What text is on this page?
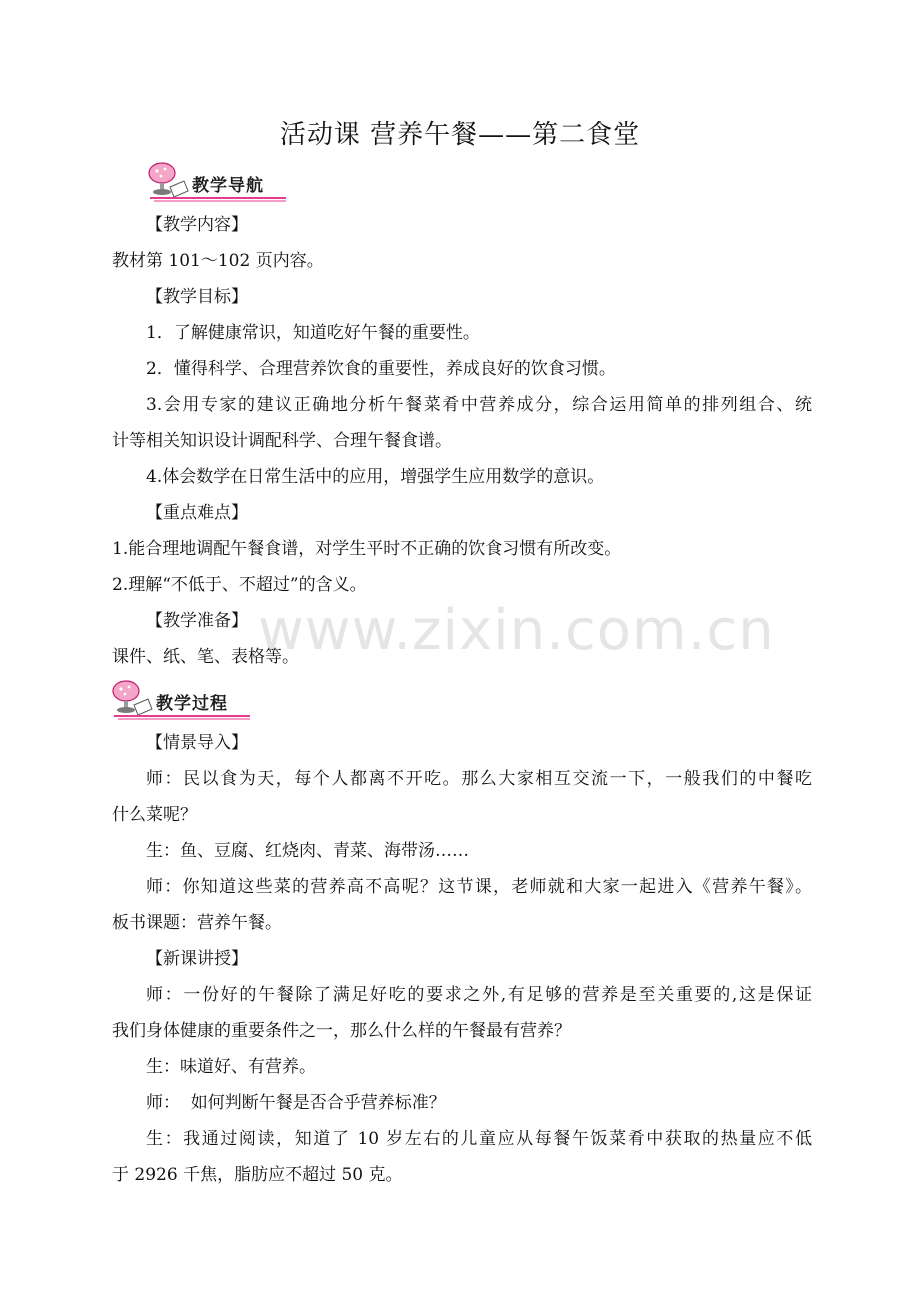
活动课 营养午餐——第二食堂
教学导航
【教学内容】
教材第 101～102 页内容。
【教学目标】
1．了解健康常识，知道吃好午餐的重要性。
2．懂得科学、合理营养饮食的重要性，养成良好的饮食习惯。
3.会用专家的建议正确地分析午餐菜肴中营养成分，综合运用简单的排列组合、统
计等相关知识设计调配科学、合理午餐食谱。
4.体会数学在日常生活中的应用，增强学生应用数学的意识。
【重点难点】
1.能合理地调配午餐食谱，对学生平时不正确的饮食习惯有所改变。
2.理解“不低于、不超过”的含义。
【教学准备】
课件、纸、笔、表格等。
教学过程
【情景导入】
师：民以食为天，每个人都离不开吃。那么大家相互交流一下，一般我们的中餐吃
什么菜呢？
生：鱼、豆腐、红烧肉、青菜、海带汤……
师：你知道这些菜的营养高不高呢？这节课，老师就和大家一起进入《营养午餐》。
板书课题：营养午餐。
【新课讲授】
师：一份好的午餐除了满足好吃的要求之外,有足够的营养是至关重要的,这是保证
我们身体健康的重要条件之一，那么什么样的午餐最有营养？
生：味道好、有营养。
师：  如何判断午餐是否合乎营养标准？
生：我通过阅读，知道了 10 岁左右的儿童应从每餐午饭菜肴中获取的热量应不低
于 2926 千焦，脂肪应不超过 50 克。
www.zixin.com.cn
